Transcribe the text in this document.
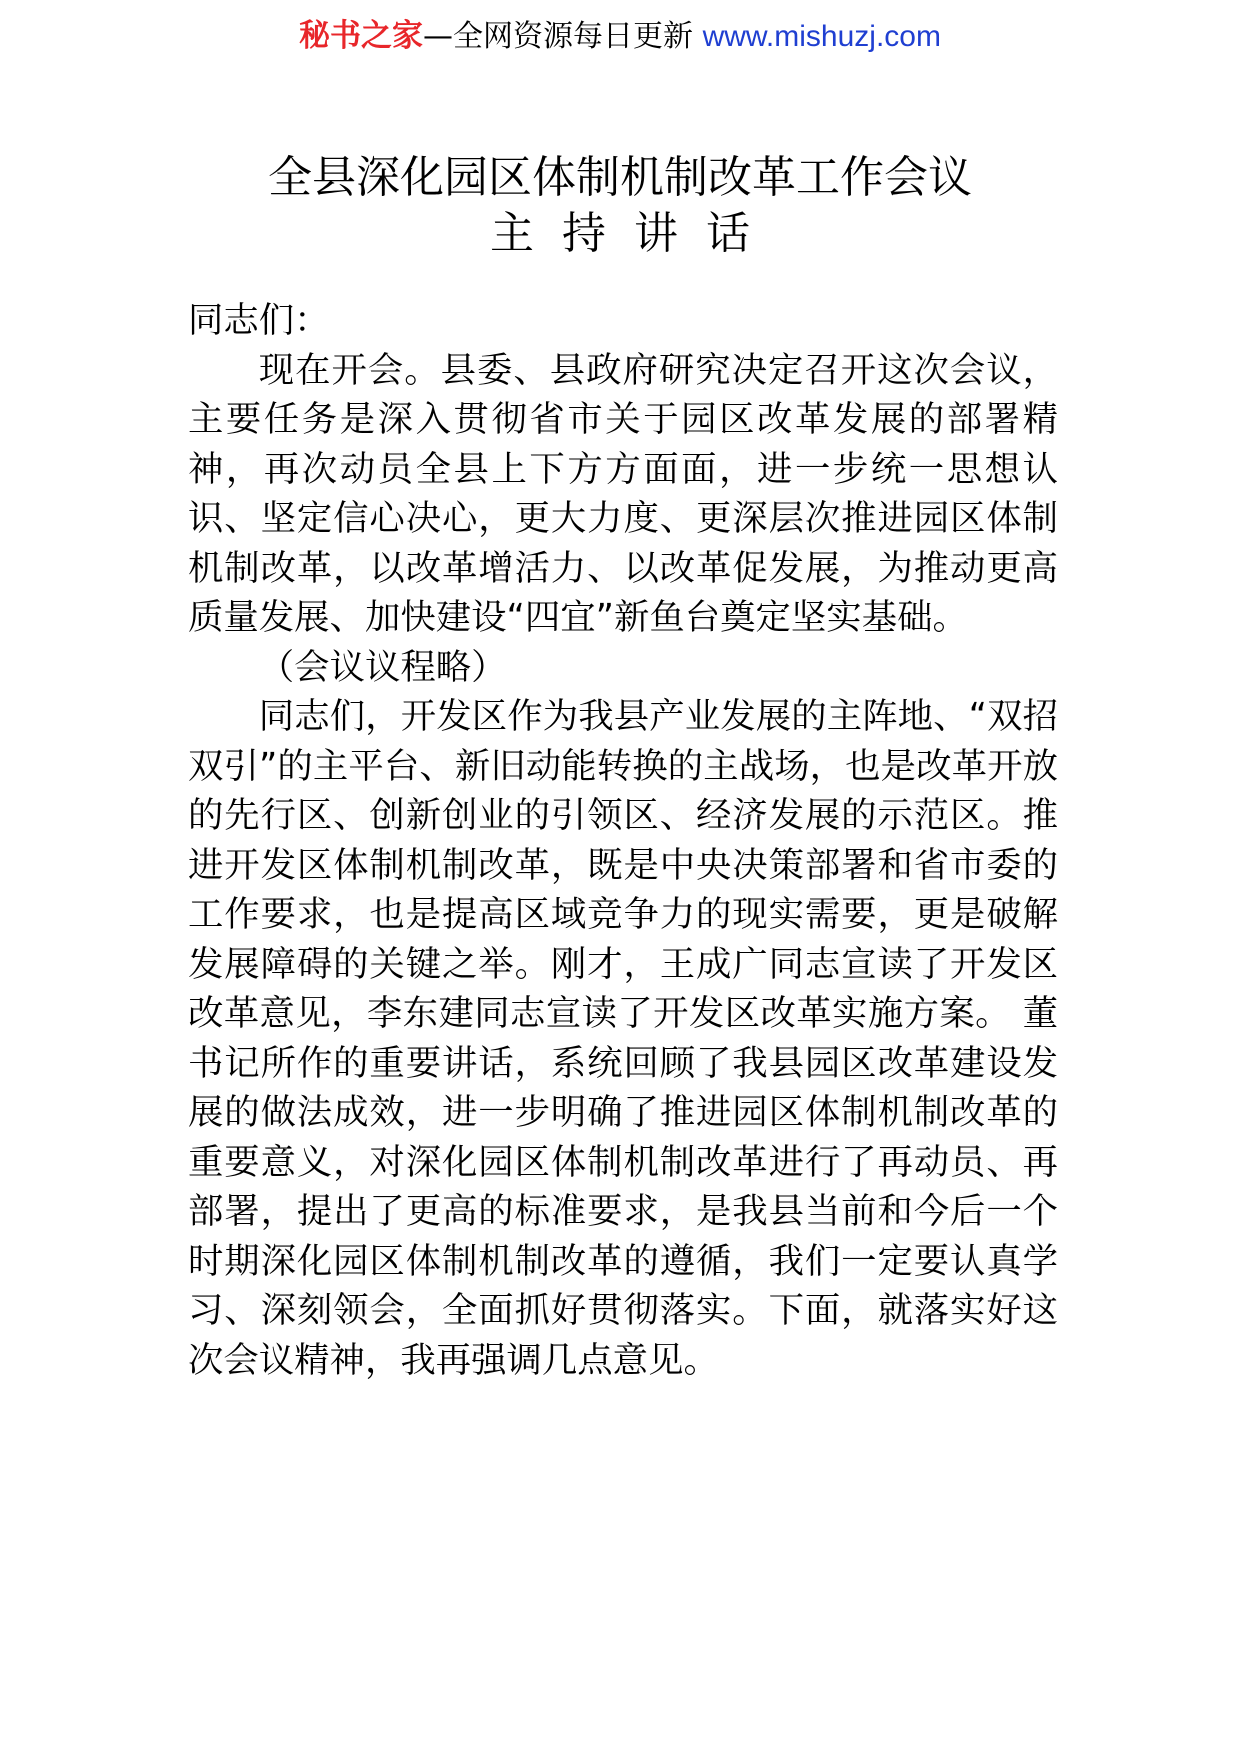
秘书之家—全网资源每日更新 www.mishuzj.com
全县深化园区体制机制改革工作会议
主持讲话

同志们：

现在开会。县委、县政府研究决定召开这次会议，主要任务是深入贯彻省市关于园区改革发展的部署精神，再次动员全县上下方方面面，进一步统一思想认识、坚定信心决心，更大力度、更深层次推进园区体制机制改革，以改革增活力、以改革促发展，为推动更高质量发展、加快建设“四宜”新鱼台奠定坚实基础。

（会议议程略）

同志们，开发区作为我县产业发展的主阵地、“双招双引”的主平台、新旧动能转换的主战场，也是改革开放的先行区、创新创业的引领区、经济发展的示范区。推进开发区体制机制改革，既是中央决策部署和省市委的工作要求，也是提高区域竞争力的现实需要，更是破解发展障碍的关键之举。刚才，王成广同志宣读了开发区改革意见，李东建同志宣读了开发区改革实施方案。 董书记所作的重要讲话，系统回顾了我县园区改革建设发展的做法成效，进一步明确了推进园区体制机制改革的重要意义，对深化园区体制机制改革进行了再动员、再部署，提出了更高的标准要求，是我县当前和今后一个时期深化园区体制机制改革的遵循，我们一定要认真学习、深刻领会，全面抓好贯彻落实。下面，就落实好这次会议精神，我再强调几点意见。
